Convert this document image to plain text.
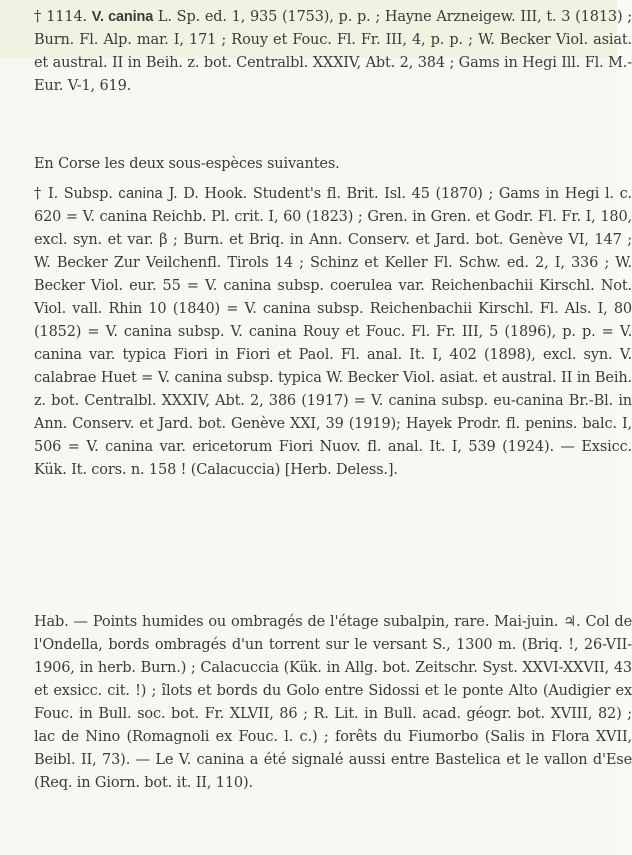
† 1114. V. canina L. Sp. ed. 1, 935 (1753), p. p. ; Hayne Arzneigew. III, t. 3 (1813) ; Burn. Fl. Alp. mar. I, 171 ; Rouy et Fouc. Fl. Fr. III, 4, p. p. ; W. Becker Viol. asiat. et austral. II in Beih. z. bot. Centralbl. XXXIV, Abt. 2, 384 ; Gams in Hegi Ill. Fl. M.-Eur. V-1, 619.
En Corse les deux sous-espèces suivantes.
† I. Subsp. canina J. D. Hook. Student's fl. Brit. Isl. 45 (1870) ; Gams in Hegi l. c. 620 = V. canina Reichb. Pl. crit. I, 60 (1823) ; Gren. in Gren. et Godr. Fl. Fr. I, 180, excl. syn. et var. β ; Burn. et Briq. in Ann. Conserv. et Jard. bot. Genève VI, 147 ; W. Becker Zur Veilchenfl. Tirols 14 ; Schinz et Keller Fl. Schw. ed. 2, I, 336 ; W. Becker Viol. eur. 55 = V. canina subsp. coerulea var. Reichenbachii Kirschl. Not. Viol. vall. Rhin 10 (1840) = V. canina subsp. Reichenbachii Kirschl. Fl. Als. I, 80 (1852) = V. canina subsp. V. canina Rouy et Fouc. Fl. Fr. III, 5 (1896), p. p. = V. canina var. typica Fiori in Fiori et Paol. Fl. anal. It. I, 402 (1898), excl. syn. V. calabrae Huet = V. canina subsp. typica W. Becker Viol. asiat. et austral. II in Beih. z. bot. Centralbl. XXXIV, Abt. 2, 386 (1917) = V. canina subsp. eu-canina Br.-Bl. in Ann. Conserv. et Jard. bot. Genève XXI, 39 (1919); Hayek Prodr. fl. penins. balc. I, 506 = V. canina var. ericetorum Fiori Nuov. fl. anal. It. I, 539 (1924). — Exsicc. Kük. It. cors. n. 158 ! (Calacuccia) [Herb. Deless.].
Hab. — Points humides ou ombragés de l'étage subalpin, rare. Mai-juin. ♃. Col de l'Ondella, bords ombragés d'un torrent sur le versant S., 1300 m. (Briq. !, 26-VII-1906, in herb. Burn.) ; Calacuccia (Kük. in Allg. bot. Zeitschr. Syst. XXVI-XXVII, 43 et exsicc. cit. !) ; îlots et bords du Golo entre Sidossi et le ponte Alto (Audigier ex Fouc. in Bull. soc. bot. Fr. XLVII, 86 ; R. Lit. in Bull. acad. géogr. bot. XVIII, 82) ; lac de Nino (Romagnoli ex Fouc. l. c.) ; forêts du Fiumorbo (Salis in Flora XVII, Beibl. II, 73). — Le V. canina a été signalé aussi entre Bastelica et le vallon d'Ese (Req. in Giorn. bot. it. II, 110).
